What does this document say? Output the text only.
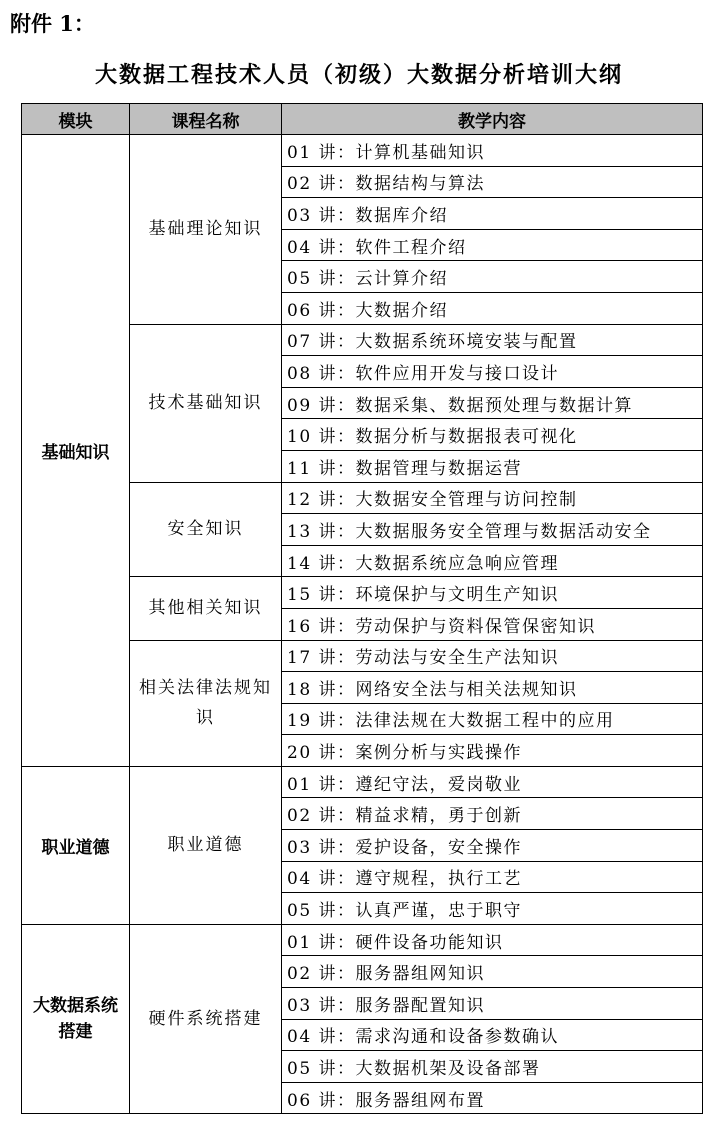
附件 1：
大数据工程技术人员（初级）大数据分析培训大纲
模块	课程名称	教学内容
基础知识	基础理论知识	01 讲：计算机基础知识
		02 讲：数据结构与算法
		03 讲：数据库介绍
		04 讲：软件工程介绍
		05 讲：云计算介绍
		06 讲：大数据介绍
	技术基础知识	07 讲：大数据系统环境安装与配置
		08 讲：软件应用开发与接口设计
		09 讲：数据采集、数据预处理与数据计算
		10 讲：数据分析与数据报表可视化
		11 讲：数据管理与数据运营
	安全知识	12 讲：大数据安全管理与访问控制
		13 讲：大数据服务安全管理与数据活动安全
		14 讲：大数据系统应急响应管理
	其他相关知识	15 讲：环境保护与文明生产知识
		16 讲：劳动保护与资料保管保密知识
	相关法律法规知识	17 讲：劳动法与安全生产法知识
		18 讲：网络安全法与相关法规知识
		19 讲：法律法规在大数据工程中的应用
		20 讲：案例分析与实践操作
职业道德	职业道德	01 讲：遵纪守法，爱岗敬业
		02 讲：精益求精，勇于创新
		03 讲：爱护设备，安全操作
		04 讲：遵守规程，执行工艺
		05 讲：认真严谨，忠于职守
大数据系统搭建	硬件系统搭建	01 讲：硬件设备功能知识
		02 讲：服务器组网知识
		03 讲：服务器配置知识
		04 讲：需求沟通和设备参数确认
		05 讲：大数据机架及设备部署
		06 讲：服务器组网布置
